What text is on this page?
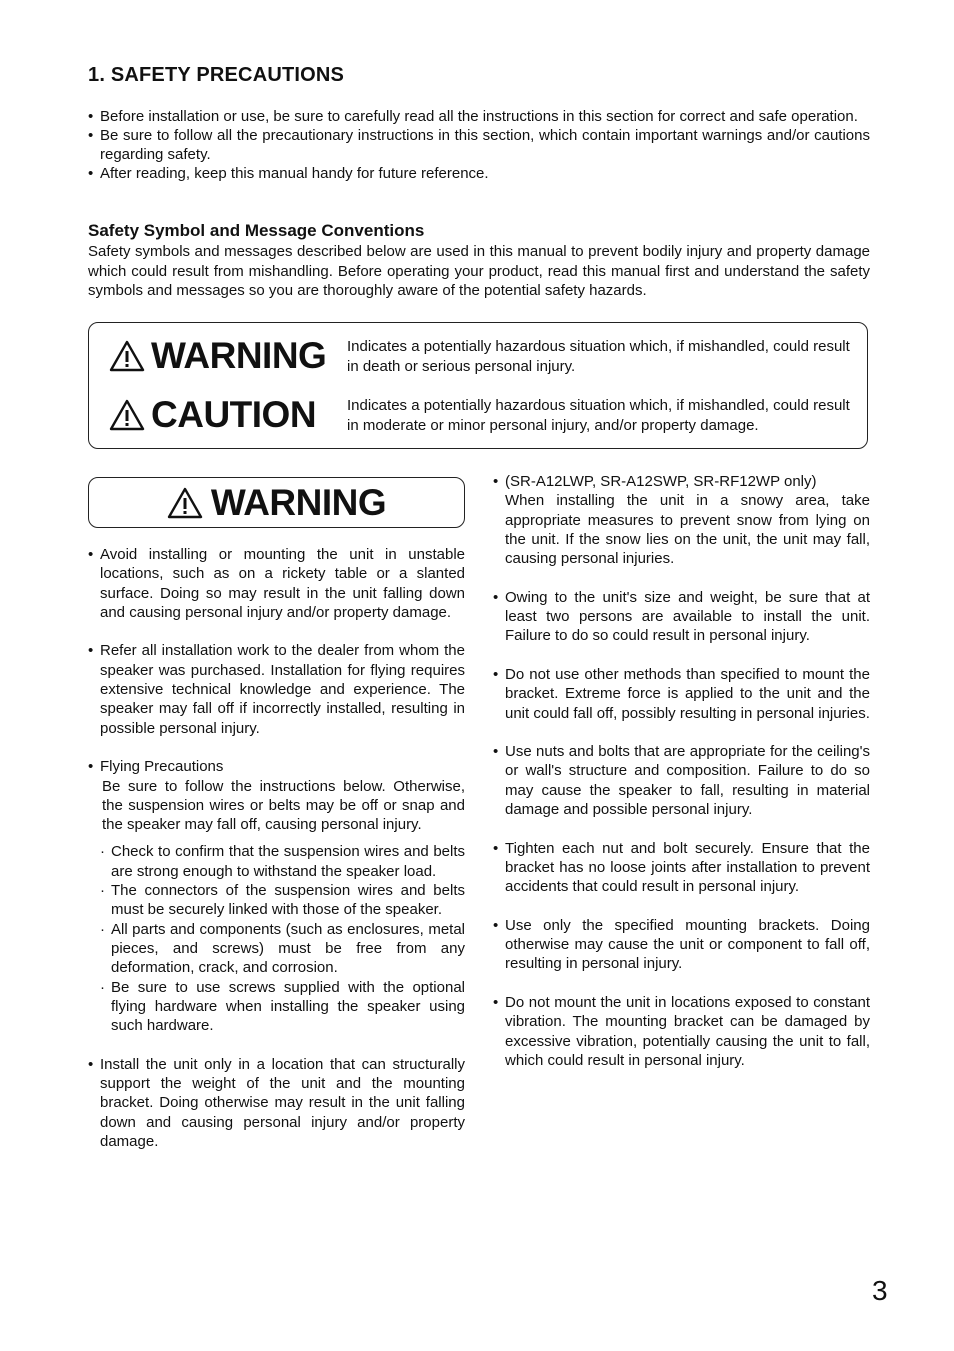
1. SAFETY PRECAUTIONS
• Before installation or use, be sure to carefully read all the instructions in this section for correct and safe operation.
• Be sure to follow all the precautionary instructions in this section, which contain important warnings and/or cautions regarding safety.
• After reading, keep this manual handy for future reference.
Safety Symbol and Message Conventions

Safety symbols and messages described below are used in this manual to prevent bodily injury and property damage which could result from mishandling. Before operating your product, read this manual first and understand the safety symbols and messages so you are thoroughly aware of the potential safety hazards.

WARNING Indicates a potentially hazardous situation which, if mishandled, could result in death or serious personal injury.
CAUTION Indicates a potentially hazardous situation which, if mishandled, could result in moderate or minor personal injury, and/or property damage.
WARNING
• Avoid installing or mounting the unit in unstable locations, such as on a rickety table or a slanted surface. Doing so may result in the unit falling down and causing personal injury and/or property damage.
• Refer all installation work to the dealer from whom the speaker was purchased. Installation for flying requires extensive technical knowledge and experience. The speaker may fall off if incorrectly installed, resulting in possible personal injury.
• Flying Precautions
Be sure to follow the instructions below. Otherwise, the suspension wires or belts may be off or snap and the speaker may fall off, causing personal injury.
· Check to confirm that the suspension wires and belts are strong enough to withstand the speaker load.
· The connectors of the suspension wires and belts must be securely linked with those of the speaker.
· All parts and components (such as enclosures, metal pieces, and screws) must be free from any deformation, crack, and corrosion.
· Be sure to use screws supplied with the optional flying hardware when installing the speaker using such hardware.
• Install the unit only in a location that can structurally support the weight of the unit and the mounting bracket. Doing otherwise may result in the unit falling down and causing personal injury and/or property damage.
• (SR-A12LWP, SR-A12SWP, SR-RF12WP only)
When installing the unit in a snowy area, take appropriate measures to prevent snow from lying on the unit. If the snow lies on the unit, the unit may fall, causing personal injuries.
• Owing to the unit's size and weight, be sure that at least two persons are available to install the unit. Failure to do so could result in personal injury.
• Do not use other methods than specified to mount the bracket. Extreme force is applied to the unit and the unit could fall off, possibly resulting in personal injuries.
• Use nuts and bolts that are appropriate for the ceiling's or wall's structure and composition. Failure to do so may cause the speaker to fall, resulting in material damage and possible personal injury.
• Tighten each nut and bolt securely. Ensure that the bracket has no loose joints after installation to prevent accidents that could result in personal injury.
• Use only the specified mounting brackets. Doing otherwise may cause the unit or component to fall off, resulting in personal injury.
• Do not mount the unit in locations exposed to constant vibration. The mounting bracket can be damaged by excessive vibration, potentially causing the unit to fall, which could result in personal injury.
3
